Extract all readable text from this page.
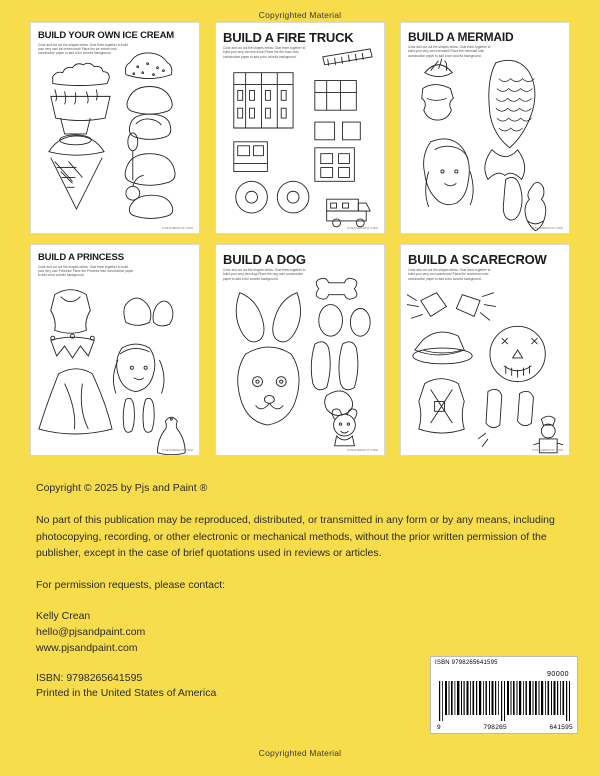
Copyrighted Material
BUILD YOUR OWN ICE CREAM
Color and cut out the shapes below. Glue them together to build your very own ice cream treat! Place the ice cream onto construction paper to add a fun colorful background.
PJSANDPAINT.COM
BUILD A FIRE TRUCK
Color and cut out the shapes below. Glue them together to build your very own fire truck! Place the fire truck onto construction paper to add a fun colorful background.
PJSANDPAINT.COM
BUILD A MERMAID
Color and cut out the shapes below. Glue them together to build your very own mermaid! Place the mermaid onto construction paper to add a fun colorful background.
PJSANDPAINT.COM
BUILD A PRINCESS
Color and cut out the shapes below. Glue them together to build your very own Princess! Place the Princess onto construction paper to add a fun colorful background.
PJSANDPAINT.COM
BUILD A DOG
Color and cut out the shapes below. Glue them together to build your very own dog! Place the dog onto construction paper to add a fun colorful background.
PJSANDPAINT.COM
BUILD A SCARECROW
Color and cut out the shapes below. Glue them together to build your very own scarecrow! Place the scarecrow onto construction paper to add a fun colorful background.
PJSANDPAINT.COM

Copyright © 2025 by Pjs and Paint ®

No part of this publication may be reproduced, distributed, or transmitted in any form or by any means, including photocopying, recording, or other electronic or mechanical methods, without the prior written permission of the publisher, except in the case of brief quotations used in reviews or articles.

For permission requests, please contact:

Kelly Crean

hello@pjsandpaint.com

www.pjsandpaint.com

ISBN: 9798265641595

Printed in the United States of America

ISBN 9798265641595
90000
9	798265	641595
Copyrighted Material
